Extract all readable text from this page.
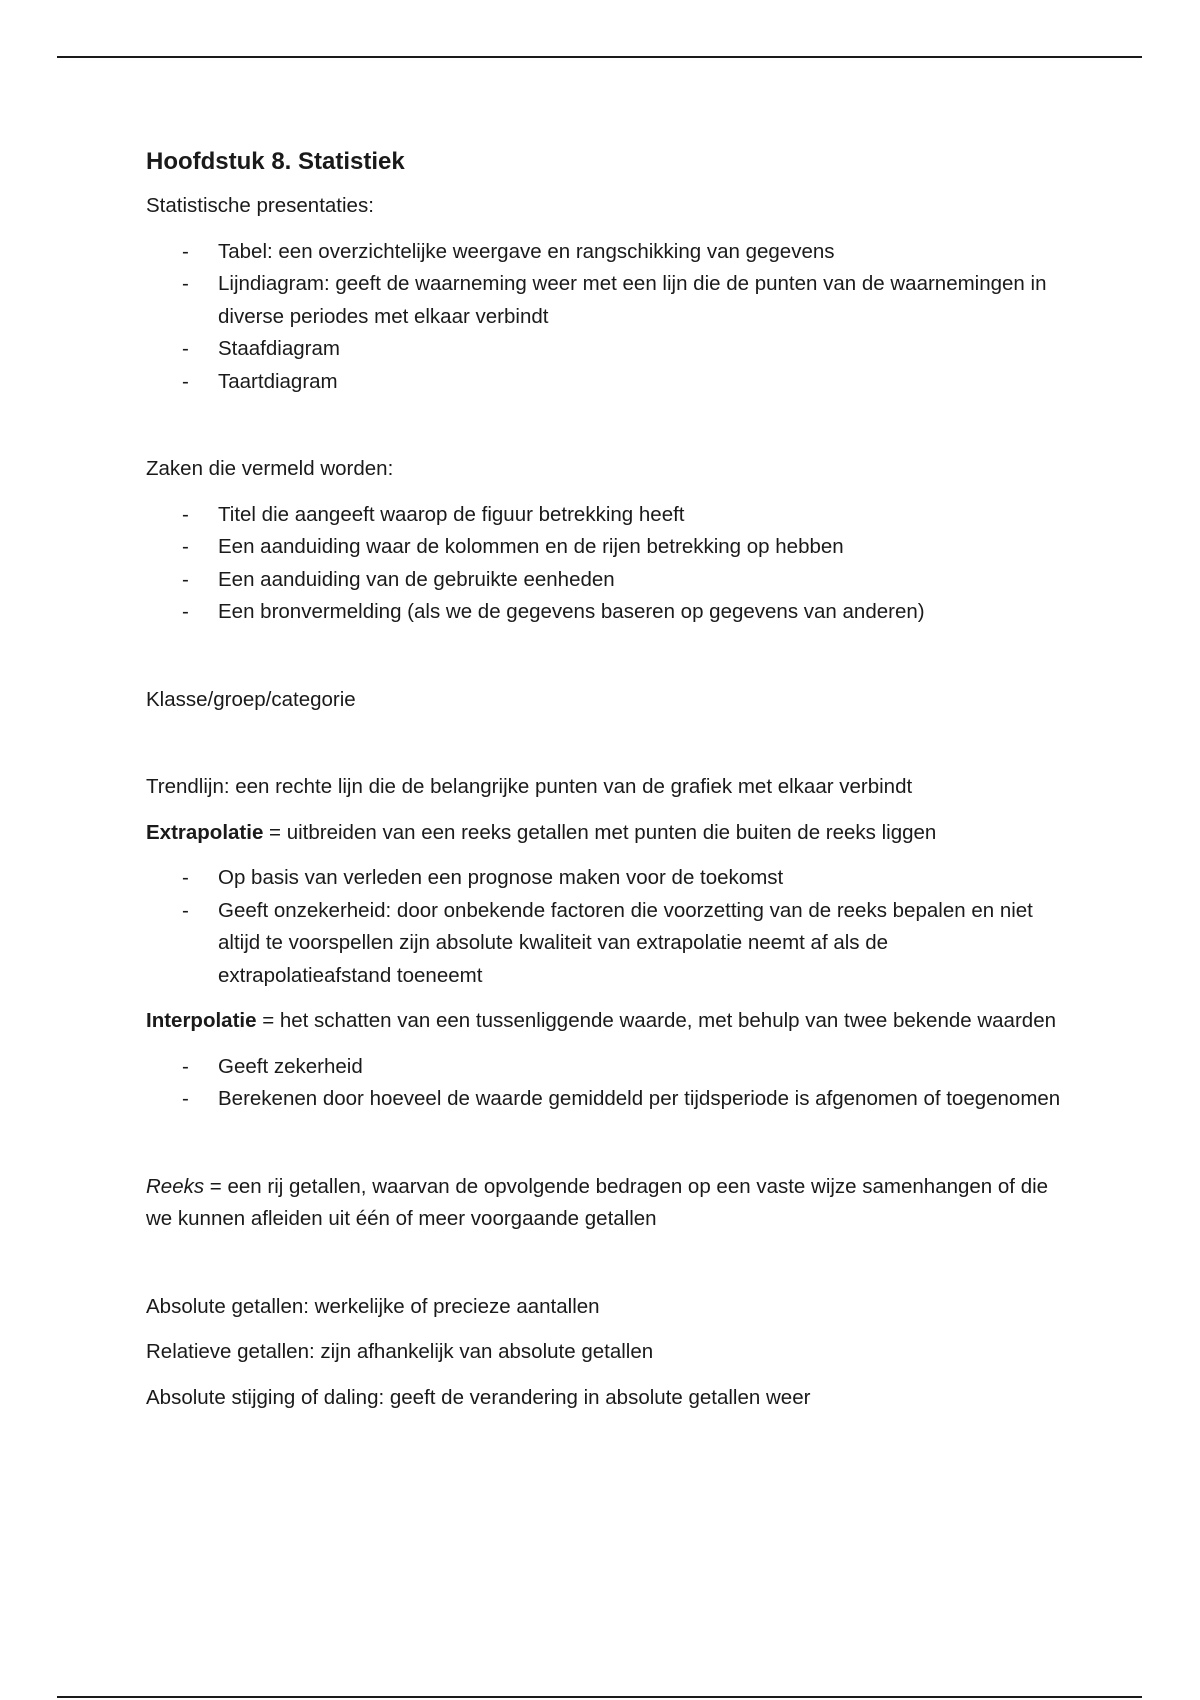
Hoofdstuk 8. Statistiek

Statistische presentaties:

- Tabel: een overzichtelijke weergave en rangschikking van gegevens
- Lijndiagram: geeft de waarneming weer met een lijn die de punten van de waarnemingen in diverse periodes met elkaar verbindt
- Staafdiagram
- Taartdiagram

Zaken die vermeld worden:

- Titel die aangeeft waarop de figuur betrekking heeft
- Een aanduiding waar de kolommen en de rijen betrekking op hebben
- Een aanduiding van de gebruikte eenheden
- Een bronvermelding (als we de gegevens baseren op gegevens van anderen)

Klasse/groep/categorie

Trendlijn: een rechte lijn die de belangrijke punten van de grafiek met elkaar verbindt

Extrapolatie = uitbreiden van een reeks getallen met punten die buiten de reeks liggen

- Op basis van verleden een prognose maken voor de toekomst
- Geeft onzekerheid: door onbekende factoren die voorzetting van de reeks bepalen en niet altijd te voorspellen zijn absolute kwaliteit van extrapolatie neemt af als de extrapolatieafstand toeneemt

Interpolatie = het schatten van een tussenliggende waarde, met behulp van twee bekende waarden

- Geeft zekerheid
- Berekenen door hoeveel de waarde gemiddeld per tijdsperiode is afgenomen of toegenomen

Reeks = een rij getallen, waarvan de opvolgende bedragen op een vaste wijze samenhangen of die we kunnen afleiden uit één of meer voorgaande getallen

Absolute getallen: werkelijke of precieze aantallen

Relatieve getallen: zijn afhankelijk van absolute getallen

Absolute stijging of daling: geeft de verandering in absolute getallen weer
